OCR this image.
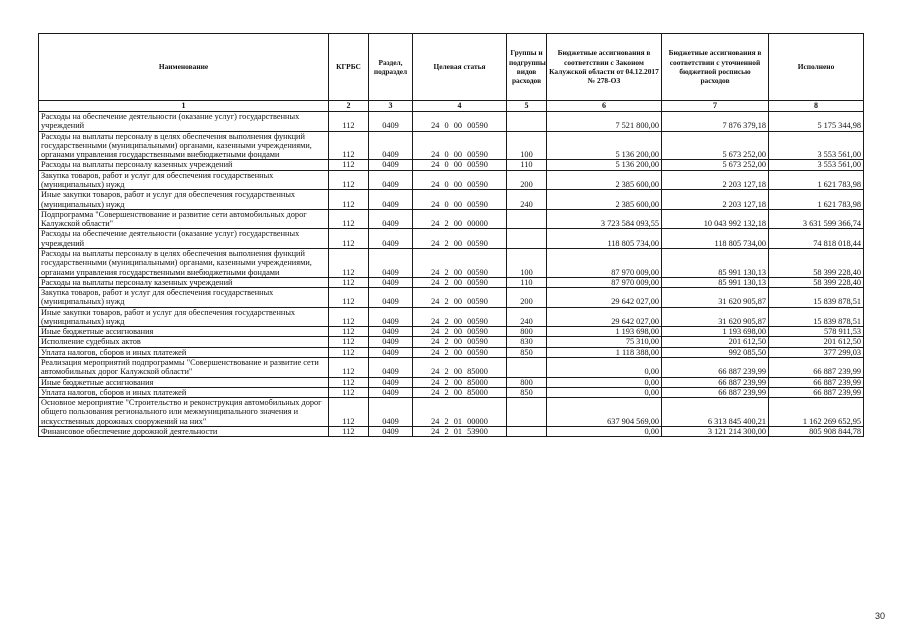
Наименование	КГРБС	Раздел, подраздел	Целевая статья	Группы и подгруппы видов расходов	Бюджетные ассигнования в соответствии с Законом Калужской области от 04.12.2017 № 278-ОЗ	Бюджетные ассигнования в соответствии с уточненной бюджетной росписью расходов	Исполнено
1	2	3	4	5	6	7	8
Расходы на обеспечение деятельности (оказание услуг) государственных учреждений	112	0409	24 0 00 00590		7 521 800,00	7 876 379,18	5 175 344,98
Расходы на выплаты персоналу в целях обеспечения выполнения функций государственными (муниципальными) органами, казенными учреждениями, органами управления государственными внебюджетными фондами	112	0409	24 0 00 00590	100	5 136 200,00	5 673 252,00	3 553 561,00
Расходы на выплаты персоналу казенных учреждений	112	0409	24 0 00 00590	110	5 136 200,00	5 673 252,00	3 553 561,00
Закупка товаров, работ и услуг для обеспечения государственных (муниципальных) нужд	112	0409	24 0 00 00590	200	2 385 600,00	2 203 127,18	1 621 783,98
Иные закупки товаров, работ и услуг для обеспечения государственных (муниципальных) нужд	112	0409	24 0 00 00590	240	2 385 600,00	2 203 127,18	1 621 783,98
Подпрограмма "Совершенствование и развитие сети автомобильных дорог Калужской области"	112	0409	24 2 00 00000		3 723 584 093,55	10 043 992 132,18	3 631 599 366,74
Расходы на обеспечение деятельности (оказание услуг) государственных учреждений	112	0409	24 2 00 00590		118 805 734,00	118 805 734,00	74 818 018,44
Расходы на выплаты персоналу в целях обеспечения выполнения функций государственными (муниципальными) органами, казенными учреждениями, органами управления государственными внебюджетными фондами	112	0409	24 2 00 00590	100	87 970 009,00	85 991 130,13	58 399 228,40
Расходы на выплаты персоналу казенных учреждений	112	0409	24 2 00 00590	110	87 970 009,00	85 991 130,13	58 399 228,40
Закупка товаров, работ и услуг для обеспечения государственных (муниципальных) нужд	112	0409	24 2 00 00590	200	29 642 027,00	31 620 905,87	15 839 878,51
Иные закупки товаров, работ и услуг для обеспечения государственных (муниципальных) нужд	112	0409	24 2 00 00590	240	29 642 027,00	31 620 905,87	15 839 878,51
Иные бюджетные ассигнования	112	0409	24 2 00 00590	800	1 193 698,00	1 193 698,00	578 911,53
Исполнение судебных актов	112	0409	24 2 00 00590	830	75 310,00	201 612,50	201 612,50
Уплата налогов, сборов и иных платежей	112	0409	24 2 00 00590	850	1 118 388,00	992 085,50	377 299,03
Реализация мероприятий подпрограммы "Совершенствование и развитие сети автомобильных дорог Калужской области"	112	0409	24 2 00 85000		0,00	66 887 239,99	66 887 239,99
Иные бюджетные ассигнования	112	0409	24 2 00 85000	800	0,00	66 887 239,99	66 887 239,99
Уплата налогов, сборов и иных платежей	112	0409	24 2 00 85000	850	0,00	66 887 239,99	66 887 239,99
Основное мероприятие "Строительство и реконструкция автомобильных дорог общего пользования регионального или межмуниципального значения и искусственных дорожных сооружений на них"	112	0409	24 2 01 00000		637 904 569,00	6 313 845 400,21	1 162 269 652,95
Финансовое обеспечение дорожной деятельности	112	0409	24 2 01 53900		0,00	3 121 214 300,00	805 908 844,78
30
